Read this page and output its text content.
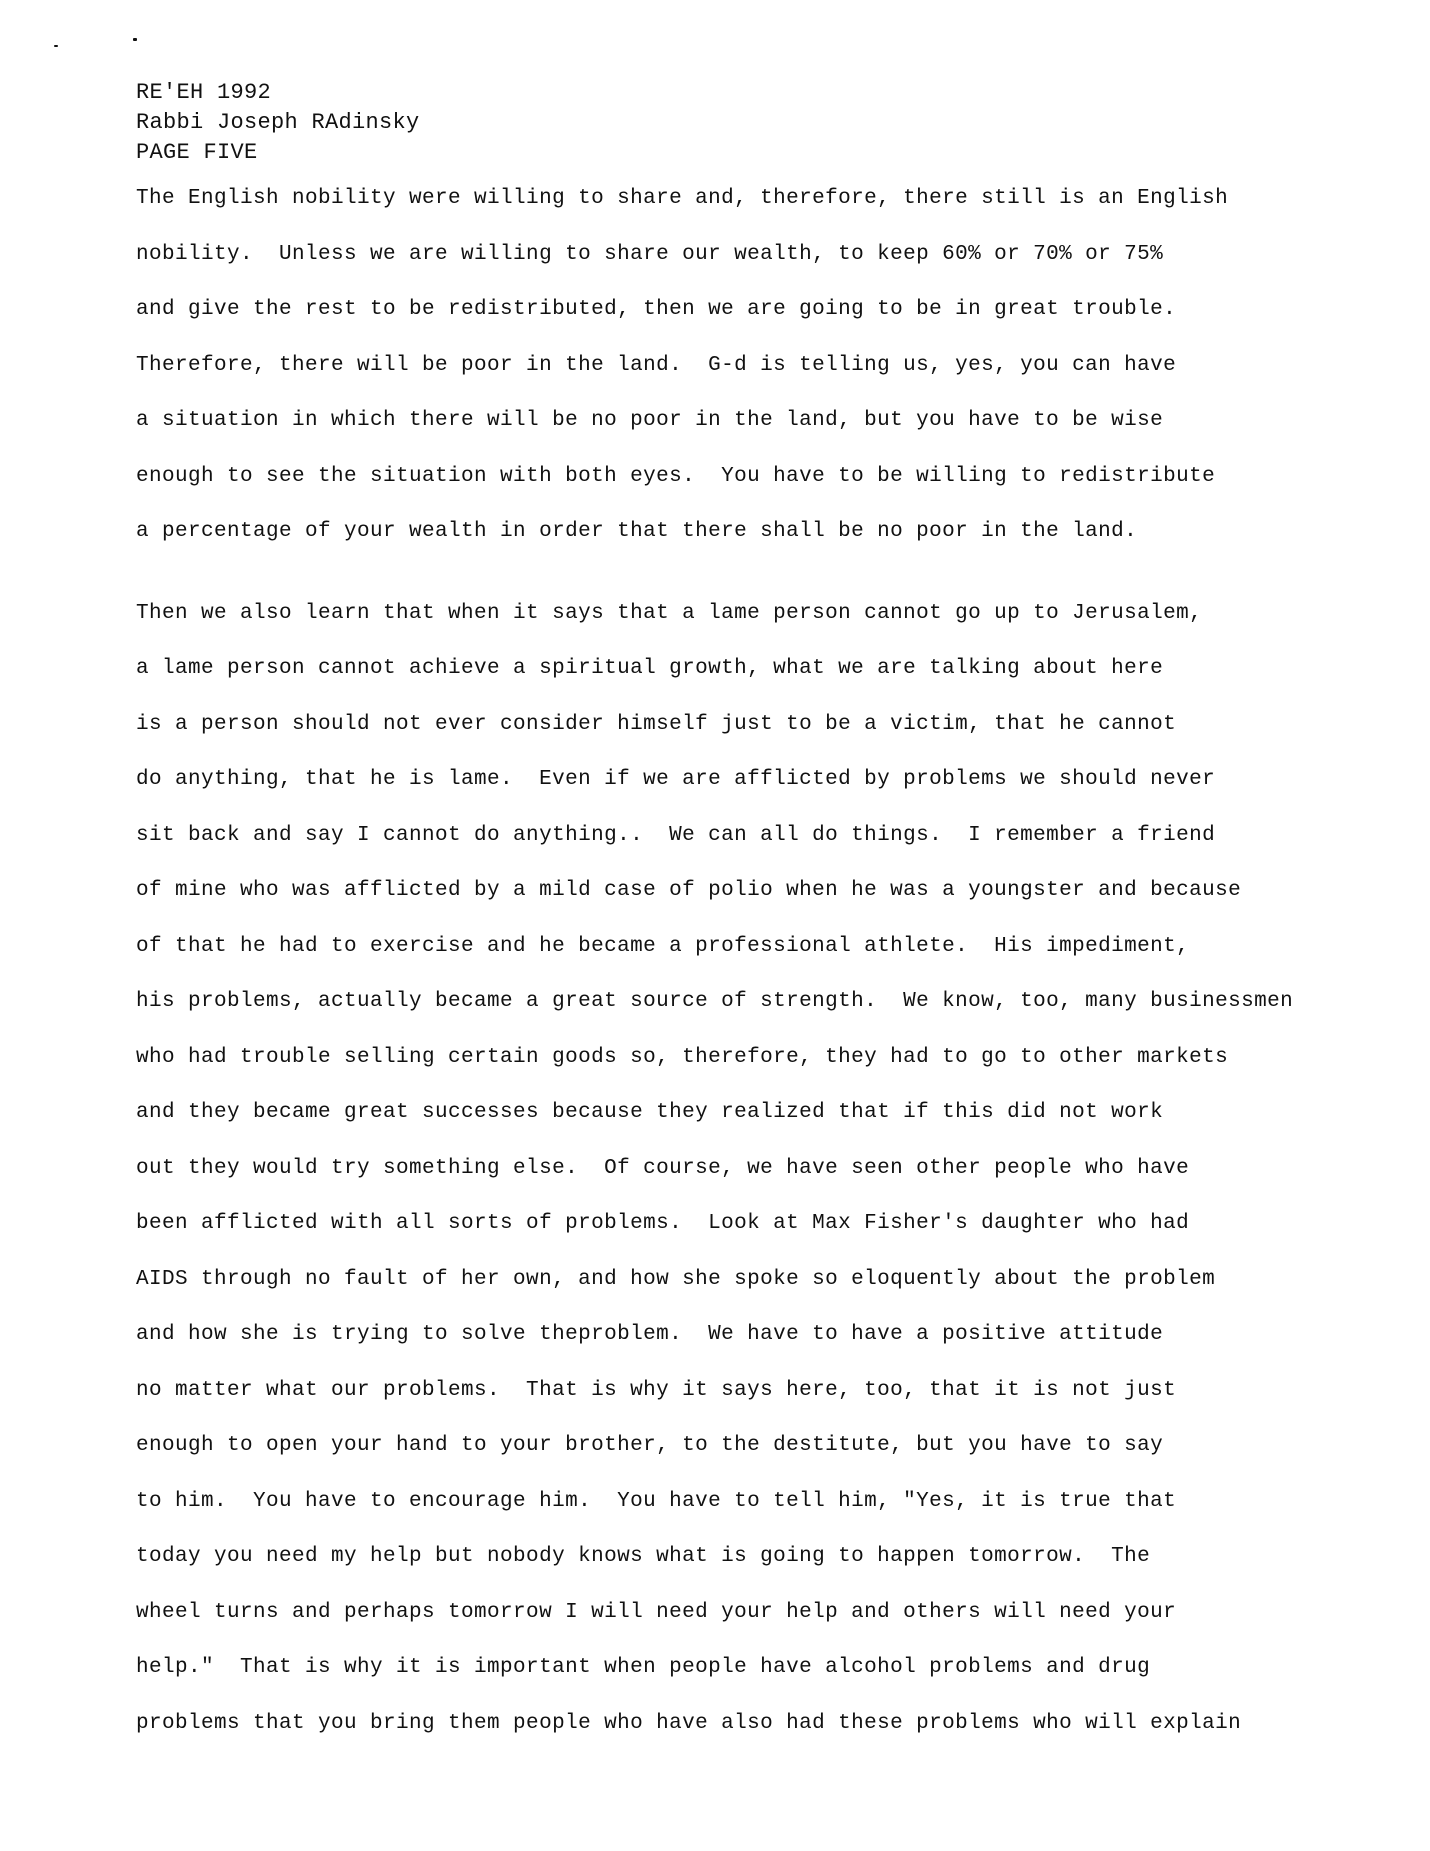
RE'EH 1992
Rabbi Joseph RAdinsky
PAGE FIVE
The English nobility were willing to share and, therefore, there still is an English
nobility.  Unless we are willing to share our wealth, to keep 60% or 70% or 75%
and give the rest to be redistributed, then we are going to be in great trouble.
Therefore, there will be poor in the land.  G-d is telling us, yes, you can have
a situation in which there will be no poor in the land, but you have to be wise
enough to see the situation with both eyes.  You have to be willing to redistribute
a percentage of your wealth in order that there shall be no poor in the land.
Then we also learn that when it says that a lame person cannot go up to Jerusalem,
a lame person cannot achieve a spiritual growth, what we are talking about here
is a person should not ever consider himself just to be a victim, that he cannot
do anything, that he is lame.  Even if we are afflicted by problems we should never
sit back and say I cannot do anything..  We can all do things.  I remember a friend
of mine who was afflicted by a mild case of polio when he was a youngster and because
of that he had to exercise and he became a professional athlete.  His impediment,
his problems, actually became a great source of strength.  We know, too, many businessmen
who had trouble selling certain goods so, therefore, they had to go to other markets
and they became great successes because they realized that if this did not work
out they would try something else.  Of course, we have seen other people who have
been afflicted with all sorts of problems.  Look at Max Fisher's daughter who had
AIDS through no fault of her own, and how she spoke so eloquently about the problem
and how she is trying to solve theproblem.  We have to have a positive attitude
no matter what our problems.  That is why it says here, too, that it is not just
enough to open your hand to your brother, to the destitute, but you have to say
to him.  You have to encourage him.  You have to tell him, "Yes, it is true that
today you need my help but nobody knows what is going to happen tomorrow.  The
wheel turns and perhaps tomorrow I will need your help and others will need your
help."  That is why it is important when people have alcohol problems and drug
problems that you bring them people who have also had these problems who will explain
